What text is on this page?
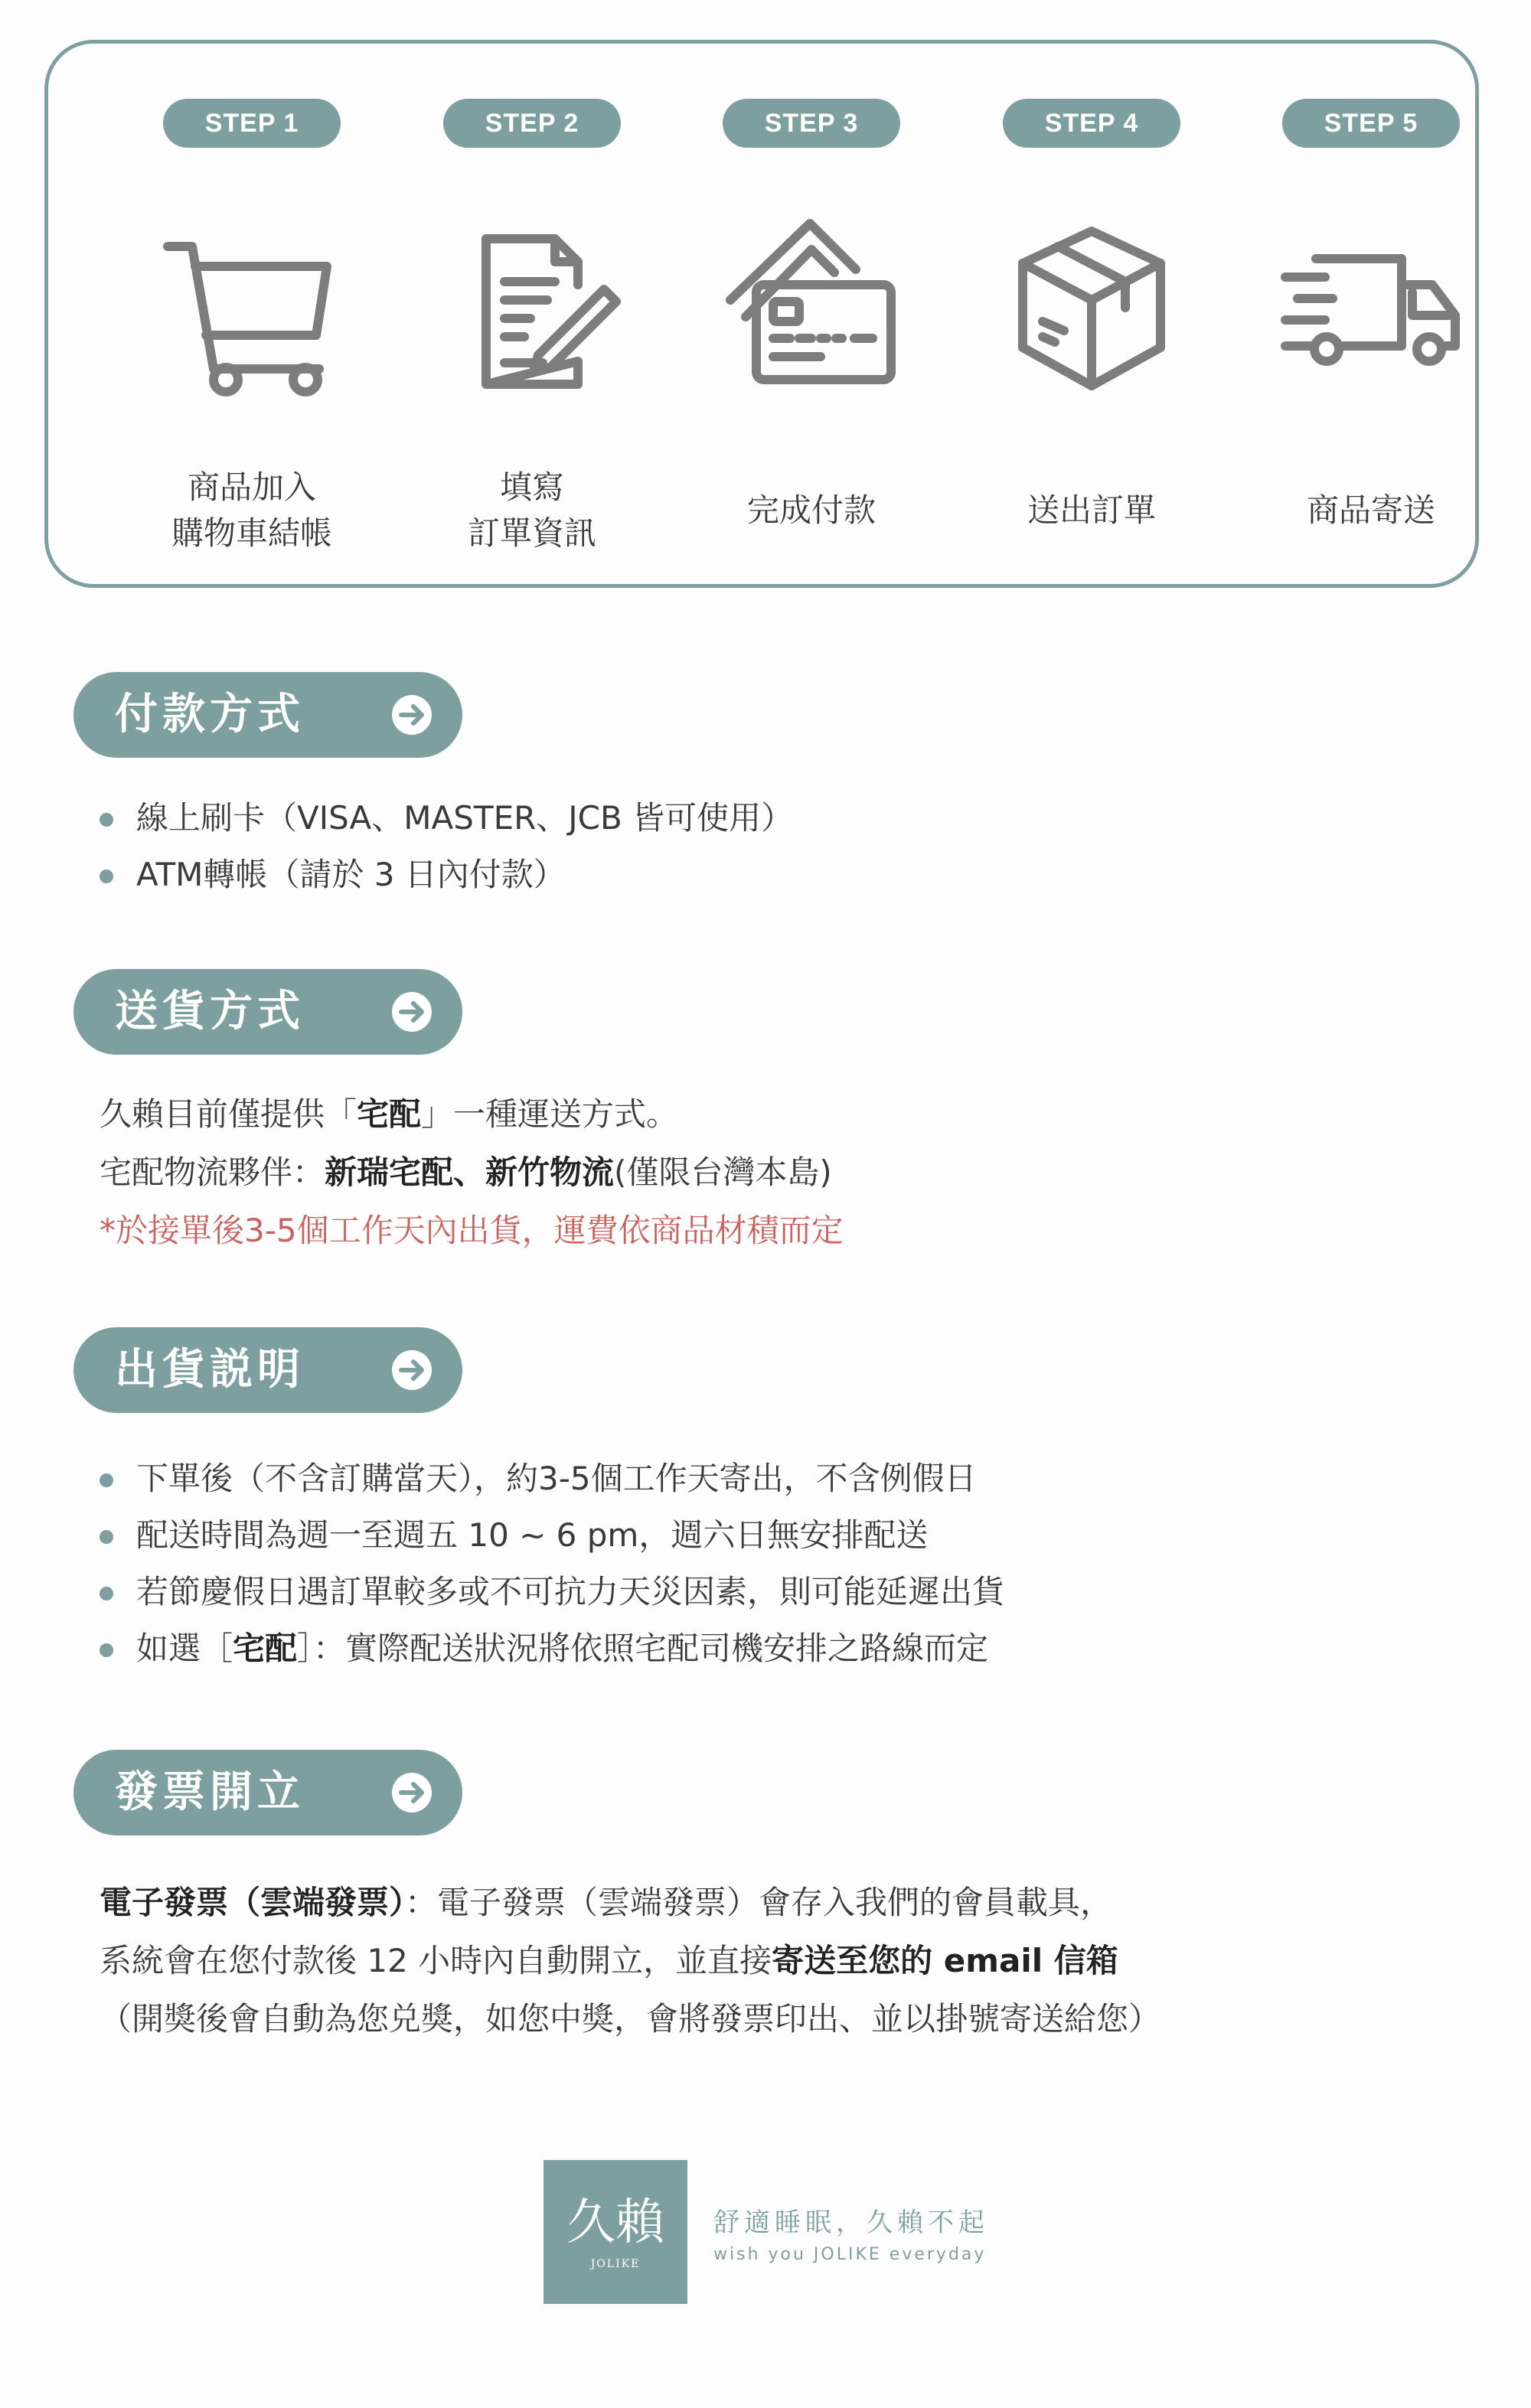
STEP 1
商品加入
購物車結帳
STEP 2
填寫
訂單資訊
STEP 3
完成付款
STEP 4
送出訂單
STEP 5
商品寄送
付款方式
線上刷卡（VISA、MASTER、JCB 皆可使用）
ATM轉帳（請於 3 日內付款）
送貨方式
久賴目前僅提供「宅配」一種運送方式。
宅配物流夥伴：新瑞宅配、新竹物流(僅限台灣本島)
*於接單後3-5個工作天內出貨，運費依商品材積而定
出貨説明
下單後（不含訂購當天），約3-5個工作天寄出，不含例假日
配送時間為週一至週五 10 ~ 6 pm，週六日無安排配送
若節慶假日遇訂單較多或不可抗力天災因素，則可能延遲出貨
如選［宅配］：實際配送狀況將依照宅配司機安排之路線而定
發票開立
電子發票（雲端發票）：電子發票（雲端發票）會存入我們的會員載具，
系統會在您付款後 12 小時內自動開立，並直接寄送至您的 email 信箱
（開獎後會自動為您兑獎，如您中獎，會將發票印出、並以掛號寄送給您）
久賴
JOLIKE
舒適睡眠，久賴不起
wish you JOLIKE everyday
